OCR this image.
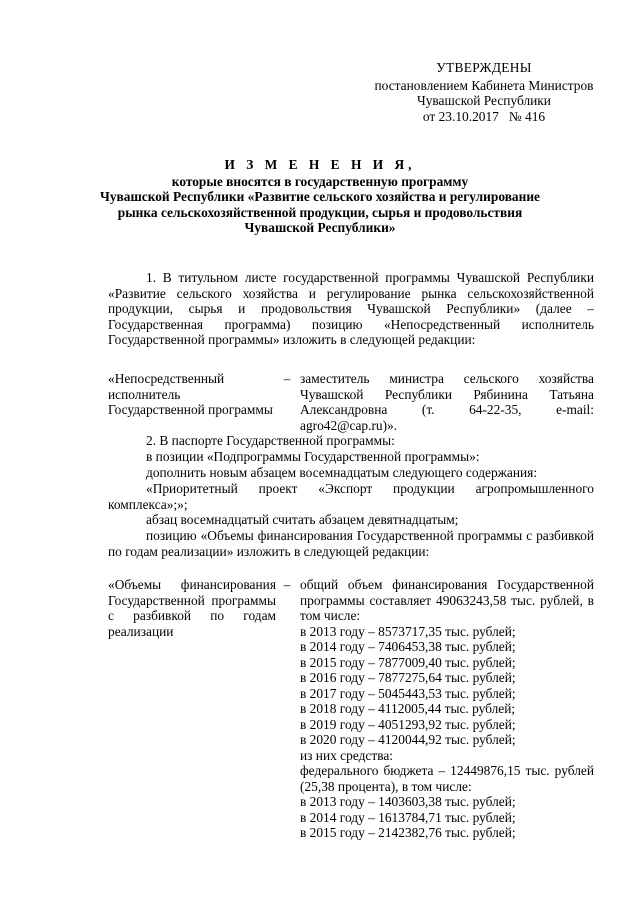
УТВЕРЖДЕНЫ
постановлением Кабинета Министров
Чувашской Республики
от 23.10.2017   № 416
И З М Е Н Е Н И Я,
которые вносятся в государственную программу
Чувашской Республики «Развитие сельского хозяйства и регулирование
рынка сельскохозяйственной продукции, сырья и продовольствия
Чувашской Республики»
1. В титульном листе государственной программы Чувашской Республики «Развитие сельского хозяйства и регулирование рынка сельскохозяйственной продукции, сырья и продовольствия Чувашской Республики» (далее – Государственная программа) позицию «Непосредственный исполнитель Государственной программы» изложить в следующей редакции:
«Непосредственный исполнитель Государственной программы
– заместитель министра сельского хозяйства Чувашской Республики Рябинина Татьяна Александровна (т. 64-22-35, e-mail: agro42@cap.ru)».
2. В паспорте Государственной программы:
в позиции «Подпрограммы Государственной программы»:
дополнить новым абзацем восемнадцатым следующего содержания:
«Приоритетный проект «Экспорт продукции агропромышленного комплекса»;»;
абзац восемнадцатый считать абзацем девятнадцатым;
позицию «Объемы финансирования Государственной программы с разбивкой по годам реализации» изложить в следующей редакции:
«Объемы финансирования Государственной программы с разбивкой по годам реализации
– общий объем финансирования Государственной программы составляет 49063243,58 тыс. рублей, в том числе:
в 2013 году – 8573717,35 тыс. рублей;
в 2014 году – 7406453,38 тыс. рублей;
в 2015 году – 7877009,40 тыс. рублей;
в 2016 году – 7877275,64 тыс. рублей;
в 2017 году – 5045443,53 тыс. рублей;
в 2018 году – 4112005,44 тыс. рублей;
в 2019 году – 4051293,92 тыс. рублей;
в 2020 году – 4120044,92 тыс. рублей;
из них средства:
федерального бюджета – 12449876,15 тыс. рублей (25,38 процента), в том числе:
в 2013 году – 1403603,38 тыс. рублей;
в 2014 году – 1613784,71 тыс. рублей;
в 2015 году – 2142382,76 тыс. рублей;
